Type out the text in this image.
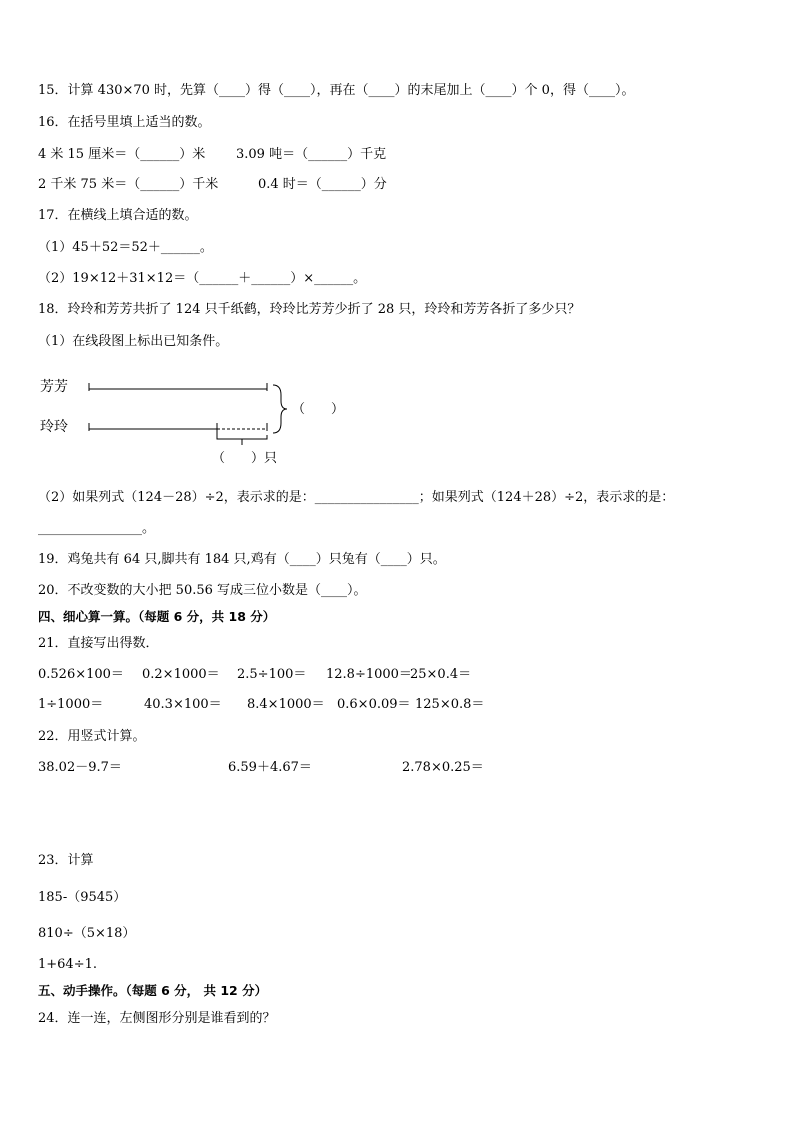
15．计算 430×70 时，先算（____）得（____），再在（____）的末尾加上（____）个 0，得（____）。
16．在括号里填上适当的数。
4 米 15 厘米＝（______）米 3.09 吨＝（______）千克
2 千米 75 米＝（______）千米	0.4 时＝（______）分
17．在横线上填合适的数。
（1）45＋52＝52＋______。
（2）19×12＋31×12＝（______＋______）×______。
18．玲玲和芳芳共折了 124 只千纸鹤，玲玲比芳芳少折了 28 只，玲玲和芳芳各折了多少只？
（1）在线段图上标出已知条件。
芳芳
玲玲
（　　）
（　　）只
（2）如果列式（124－28）÷2，表示求的是：________________；如果列式（124＋28）÷2，表示求的是：
________________。
19．鸡兔共有 64 只,脚共有 184 只,鸡有（____）只兔有（____）只。
20．不改变数的大小把 50.56 写成三位小数是（____）。
四、细心算一算。（每题 6 分，共 18 分）
21．直接写出得数．
0.526×100＝ 0.2×1000＝ 2.5÷100＝ 12.8÷1000＝
25×0.4＝
1÷1000＝	40.3×100＝ 8.4×1000＝ 0.6×0.09＝ 125×0.8＝
22．用竖式计算。
38.02－9.7＝	6.59＋4.67＝	2.78×0.25＝
23．计算
185-（9545）
810÷（5×18）
1+64÷1.
五、动手操作。（每题 6 分， 共 12 分）
24．连一连，左侧图形分别是谁看到的？
